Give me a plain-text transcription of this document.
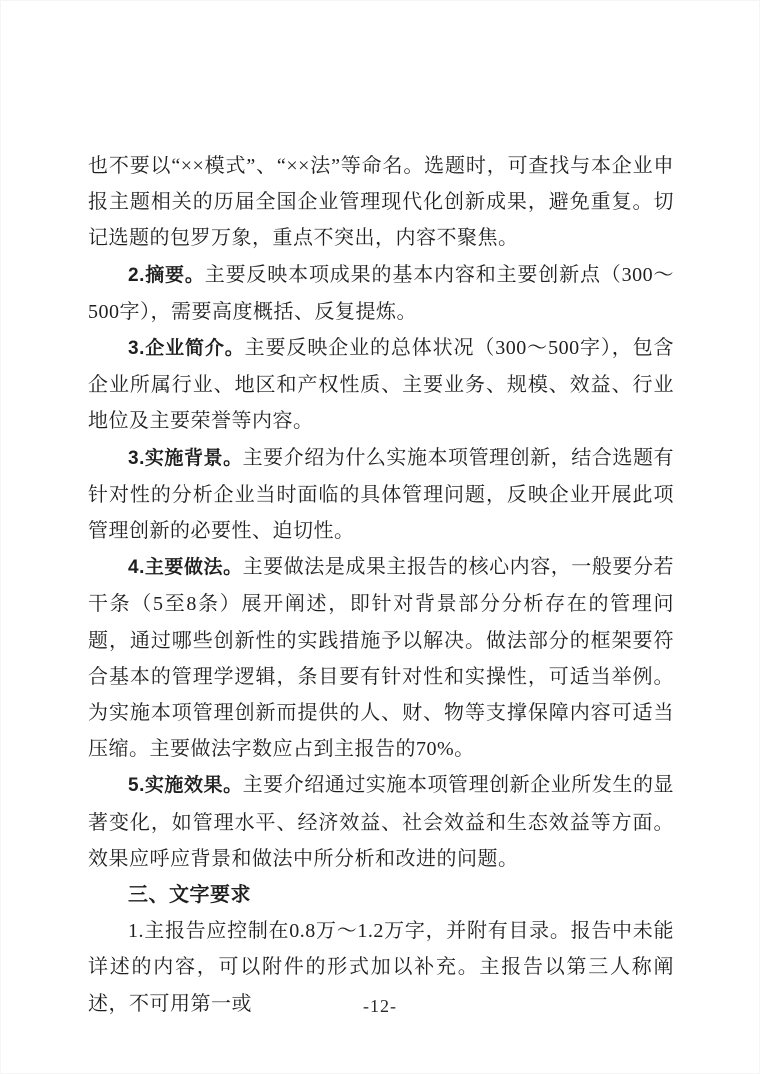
也不要以“××模式”、“××法”等命名。选题时，可查找与本企业申报主题相关的历届全国企业管理现代化创新成果，避免重复。切记选题的包罗万象，重点不突出，内容不聚焦。

2.摘要。主要反映本项成果的基本内容和主要创新点（300～500字），需要高度概括、反复提炼。

3.企业简介。主要反映企业的总体状况（300～500字），包含企业所属行业、地区和产权性质、主要业务、规模、效益、行业地位及主要荣誉等内容。

3.实施背景。主要介绍为什么实施本项管理创新，结合选题有针对性的分析企业当时面临的具体管理问题，反映企业开展此项管理创新的必要性、迫切性。

4.主要做法。主要做法是成果主报告的核心内容，一般要分若干条（5至8条）展开阐述，即针对背景部分分析存在的管理问题，通过哪些创新性的实践措施予以解决。做法部分的框架要符合基本的管理学逻辑，条目要有针对性和实操性，可适当举例。为实施本项管理创新而提供的人、财、物等支撑保障内容可适当压缩。主要做法字数应占到主报告的70%。

5.实施效果。主要介绍通过实施本项管理创新企业所发生的显著变化，如管理水平、经济效益、社会效益和生态效益等方面。效果应呼应背景和做法中所分析和改进的问题。

三、文字要求

1.主报告应控制在0.8万～1.2万字，并附有目录。报告中未能详述的内容，可以附件的形式加以补充。主报告以第三人称阐述，不可用第一或	-12-
